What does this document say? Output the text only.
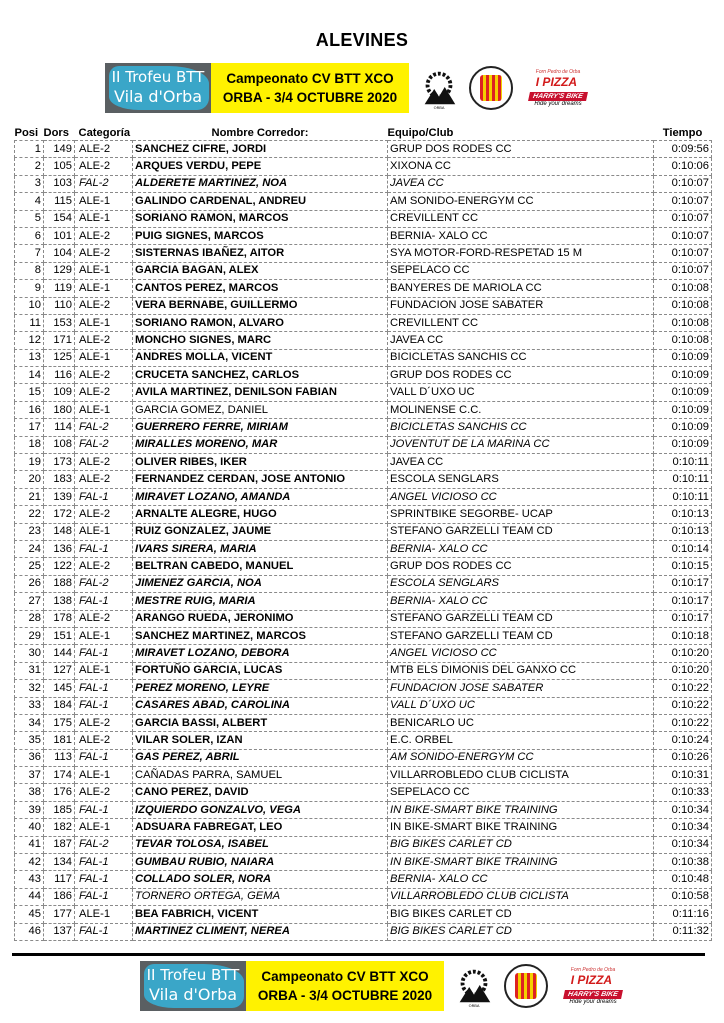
ALEVINES
II Trofeu BTT
Vila d'Orba
Campeonato CV BTT XCO
ORBA - 3/4 OCTUBRE 2020
ORBA
Forn Pedro de Orba
I PIZZA
HARRY'S BIKE
Ride your dreams
Posi	Dors	Categoría	Nombre Corredor:	Equipo/Club	Tiempo
1	149	ALE-2	SANCHEZ CIFRE, JORDI	GRUP DOS RODES CC	0:09:56
2	105	ALE-2	ARQUES VERDU, PEPE	XIXONA CC	0:10:06
3	103	FAL-2	ALDERETE MARTINEZ, NOA	JAVEA CC	0:10:07
4	115	ALE-1	GALINDO CARDENAL, ANDREU	AM SONIDO-ENERGYM CC	0:10:07
5	154	ALE-1	SORIANO RAMON, MARCOS	CREVILLENT CC	0:10:07
6	101	ALE-2	PUIG SIGNES, MARCOS	BERNIA- XALO CC	0:10:07
7	104	ALE-2	SISTERNAS IBAÑEZ, AITOR	SYA MOTOR-FORD-RESPETAD 15 M	0:10:07
8	129	ALE-1	GARCIA BAGAN, ALEX	SEPELACO CC	0:10:07
9	119	ALE-1	CANTOS PEREZ, MARCOS	BANYERES DE MARIOLA CC	0:10:08
10	110	ALE-2	VERA BERNABE, GUILLERMO	FUNDACION JOSE SABATER	0:10:08
11	153	ALE-1	SORIANO RAMON, ALVARO	CREVILLENT CC	0:10:08
12	171	ALE-2	MONCHO SIGNES, MARC	JAVEA CC	0:10:08
13	125	ALE-1	ANDRES MOLLA, VICENT	BICICLETAS SANCHIS CC	0:10:09
14	116	ALE-2	CRUCETA SANCHEZ, CARLOS	GRUP DOS RODES CC	0:10:09
15	109	ALE-2	AVILA MARTINEZ, DENILSON FABIAN	VALL D´UXO UC	0:10:09
16	180	ALE-1	GARCIA GOMEZ, DANIEL	MOLINENSE C.C.	0:10:09
17	114	FAL-2	GUERRERO FERRE, MIRIAM	BICICLETAS SANCHIS CC	0:10:09
18	108	FAL-2	MIRALLES MORENO, MAR	JOVENTUT DE LA MARINA CC	0:10:09
19	173	ALE-2	OLIVER RIBES, IKER	JAVEA CC	0:10:11
20	183	ALE-2	FERNANDEZ CERDAN, JOSE ANTONIO	ESCOLA SENGLARS	0:10:11
21	139	FAL-1	MIRAVET LOZANO, AMANDA	ANGEL VICIOSO CC	0:10:11
22	172	ALE-2	ARNALTE ALEGRE, HUGO	SPRINTBIKE SEGORBE- UCAP	0:10:13
23	148	ALE-1	RUIZ GONZALEZ, JAUME	STEFANO GARZELLI TEAM CD	0:10:13
24	136	FAL-1	IVARS SIRERA, MARIA	BERNIA- XALO CC	0:10:14
25	122	ALE-2	BELTRAN CABEDO, MANUEL	GRUP DOS RODES CC	0:10:15
26	188	FAL-2	JIMENEZ GARCIA, NOA	ESCOLA SENGLARS	0:10:17
27	138	FAL-1	MESTRE RUIG, MARIA	BERNIA- XALO CC	0:10:17
28	178	ALE-2	ARANGO RUEDA, JERONIMO	STEFANO GARZELLI TEAM CD	0:10:17
29	151	ALE-1	SANCHEZ MARTINEZ, MARCOS	STEFANO GARZELLI TEAM CD	0:10:18
30	144	FAL-1	MIRAVET LOZANO, DEBORA	ANGEL VICIOSO CC	0:10:20
31	127	ALE-1	FORTUÑO GARCIA, LUCAS	MTB ELS DIMONIS DEL GANXO CC	0:10:20
32	145	FAL-1	PEREZ MORENO, LEYRE	FUNDACION JOSE SABATER	0:10:22
33	184	FAL-1	CASARES ABAD, CAROLINA	VALL D´UXO UC	0:10:22
34	175	ALE-2	GARCIA BASSI, ALBERT	BENICARLO UC	0:10:22
35	181	ALE-2	VILAR SOLER, IZAN	E.C. ORBEL	0:10:24
36	113	FAL-1	GAS PEREZ, ABRIL	AM SONIDO-ENERGYM CC	0:10:26
37	174	ALE-1	CAÑADAS PARRA, SAMUEL	VILLARROBLEDO CLUB CICLISTA	0:10:31
38	176	ALE-2	CANO PEREZ, DAVID	SEPELACO CC	0:10:33
39	185	FAL-1	IZQUIERDO GONZALVO, VEGA	IN BIKE-SMART BIKE TRAINING	0:10:34
40	182	ALE-1	ADSUARA FABREGAT, LEO	IN BIKE-SMART BIKE TRAINING	0:10:34
41	187	FAL-2	TEVAR TOLOSA, ISABEL	BIG BIKES CARLET CD	0:10:34
42	134	FAL-1	GUMBAU RUBIO, NAIARA	IN BIKE-SMART BIKE TRAINING	0:10:38
43	117	FAL-1	COLLADO SOLER, NORA	BERNIA- XALO CC	0:10:48
44	186	FAL-1	TORNERO ORTEGA, GEMA	VILLARROBLEDO CLUB CICLISTA	0:10:58
45	177	ALE-1	BEA FABRICH, VICENT	BIG BIKES CARLET CD	0:11:16
46	137	FAL-1	MARTINEZ CLIMENT, NEREA	BIG BIKES CARLET CD	0:11:32
II Trofeu BTT
Vila d'Orba
Campeonato CV BTT XCO
ORBA - 3/4 OCTUBRE 2020
ORBA
Forn Pedro de Orba
I PIZZA
HARRY'S BIKE
Ride your dreams
